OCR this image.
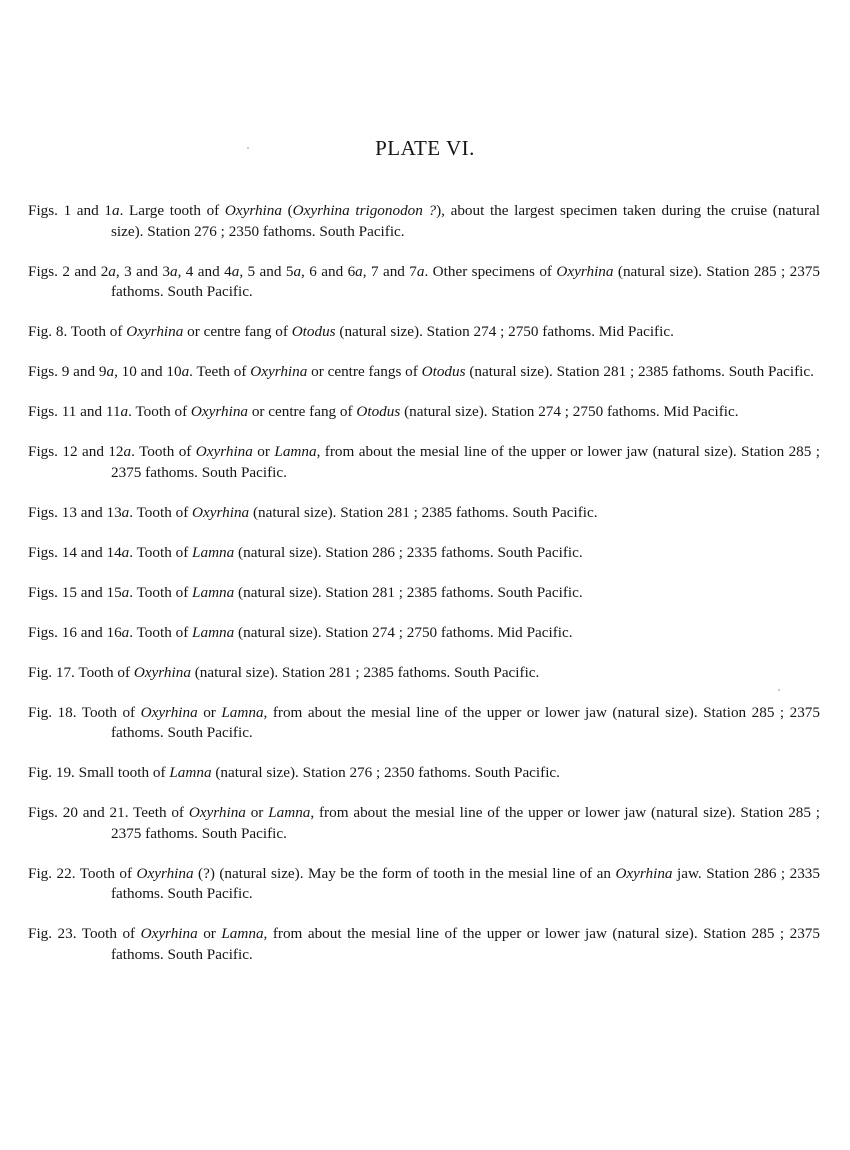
PLATE VI.

Figs. 1 and 1a. Large tooth of Oxyrhina (Oxyrhina trigonodon ?), about the largest specimen taken during the cruise (natural size). Station 276 ; 2350 fathoms. South Pacific.

Figs. 2 and 2a, 3 and 3a, 4 and 4a, 5 and 5a, 6 and 6a, 7 and 7a. Other specimens of Oxyrhina (natural size). Station 285 ; 2375 fathoms. South Pacific.

Fig. 8. Tooth of Oxyrhina or centre fang of Otodus (natural size). Station 274 ; 2750 fathoms. Mid Pacific.

Figs. 9 and 9a, 10 and 10a. Teeth of Oxyrhina or centre fangs of Otodus (natural size). Station 281 ; 2385 fathoms. South Pacific.

Figs. 11 and 11a. Tooth of Oxyrhina or centre fang of Otodus (natural size). Station 274 ; 2750 fathoms. Mid Pacific.

Figs. 12 and 12a. Tooth of Oxyrhina or Lamna, from about the mesial line of the upper or lower jaw (natural size). Station 285 ; 2375 fathoms. South Pacific.

Figs. 13 and 13a. Tooth of Oxyrhina (natural size). Station 281 ; 2385 fathoms. South Pacific.

Figs. 14 and 14a. Tooth of Lamna (natural size). Station 286 ; 2335 fathoms. South Pacific.

Figs. 15 and 15a. Tooth of Lamna (natural size). Station 281 ; 2385 fathoms. South Pacific.

Figs. 16 and 16a. Tooth of Lamna (natural size). Station 274 ; 2750 fathoms. Mid Pacific.

Fig. 17. Tooth of Oxyrhina (natural size). Station 281 ; 2385 fathoms. South Pacific.

Fig. 18. Tooth of Oxyrhina or Lamna, from about the mesial line of the upper or lower jaw (natural size). Station 285 ; 2375 fathoms. South Pacific.

Fig. 19. Small tooth of Lamna (natural size). Station 276 ; 2350 fathoms. South Pacific.

Figs. 20 and 21. Teeth of Oxyrhina or Lamna, from about the mesial line of the upper or lower jaw (natural size). Station 285 ; 2375 fathoms. South Pacific.

Fig. 22. Tooth of Oxyrhina (?) (natural size). May be the form of tooth in the mesial line of an Oxyrhina jaw. Station 286 ; 2335 fathoms. South Pacific.

Fig. 23. Tooth of Oxyrhina or Lamna, from about the mesial line of the upper or lower jaw (natural size). Station 285 ; 2375 fathoms. South Pacific.
